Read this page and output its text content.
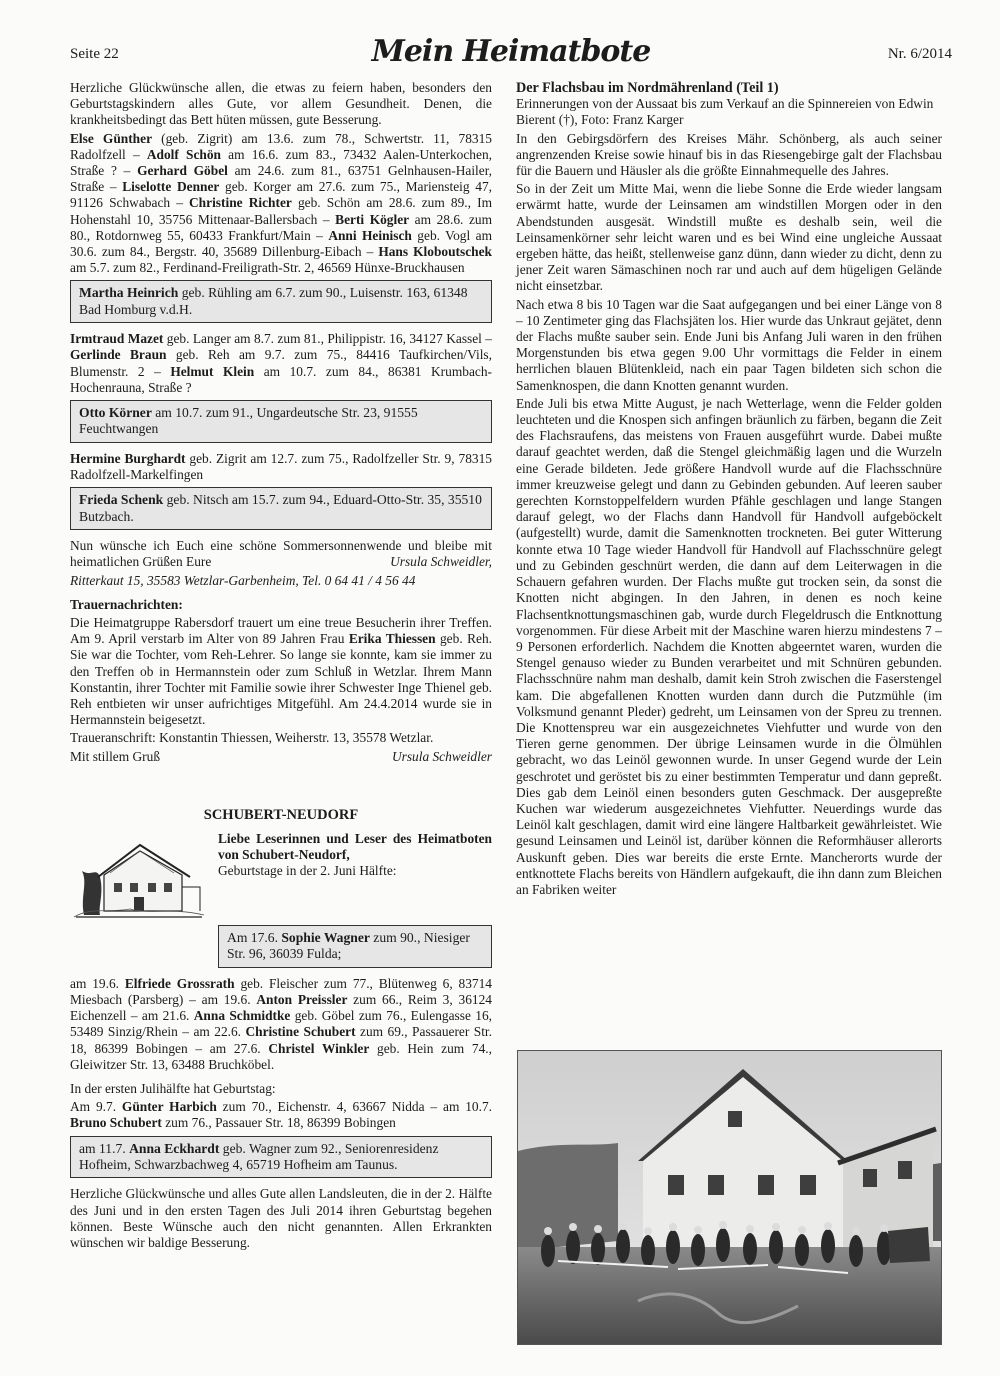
Seite 22	Mein Heimatbote	Nr. 6/2014

Herzliche Glückwünsche allen, die etwas zu feiern haben, besonders den Geburtstagskindern alles Gute, vor allem Gesundheit. Denen, die krankheitsbedingt das Bett hüten müssen, gute Besserung.

Else Günther (geb. Zigrit) am 13.6. zum 78., Schwertstr. 11, 78315 Radolfzell – Adolf Schön am 16.6. zum 83., 73432 Aalen-Unterkochen, Straße ? – Gerhard Göbel am 24.6. zum 81., 63751 Gelnhausen-Hailer, Straße – Liselotte Denner geb. Korger am 27.6. zum 75., Mariensteig 47, 91126 Schwabach – Christine Richter geb. Schön am 28.6. zum 89., Im Hohenstahl 10, 35756 Mittenaar-Ballersbach – Berti Kögler am 28.6. zum 80., Rotdornweg 55, 60433 Frankfurt/Main – Anni Heinisch geb. Vogl am 30.6. zum 84., Bergstr. 40, 35689 Dillenburg-Eibach – Hans Kloboutschek am 5.7. zum 82., Ferdinand-Freiligrath-Str. 2, 46569 Hünxe-Bruckhausen

Martha Heinrich geb. Rühling am 6.7. zum 90., Luisenstr. 163, 61348 Bad Homburg v.d.H.

Irmtraud Mazet geb. Langer am 8.7. zum 81., Philippistr. 16, 34127 Kassel – Gerlinde Braun geb. Reh am 9.7. zum 75., 84416 Taufkirchen/Vils, Blumenstr. 2 – Helmut Klein am 10.7. zum 84., 86381 Krumbach-Hochenrauna, Straße ?

Otto Körner am 10.7. zum 91., Ungardeutsche Str. 23, 91555 Feuchtwangen

Hermine Burghardt geb. Zigrit am 12.7. zum 75., Radolfzeller Str. 9, 78315 Radolfzell-Markelfingen

Frieda Schenk geb. Nitsch am 15.7. zum 94., Eduard-Otto-Str. 35, 35510 Butzbach.

Nun wünsche ich Euch eine schöne Sommersonnenwende und bleibe mit heimatlichen Grüßen Eure	Ursula Schweidler,

Ritterkaut 15, 35583 Wetzlar-Garbenheim, Tel. 0 64 41 / 4 56 44

Trauernachrichten:

Die Heimatgruppe Rabersdorf trauert um eine treue Besucherin ihrer Treffen. Am 9. April verstarb im Alter von 89 Jahren Frau Erika Thiessen geb. Reh. Sie war die Tochter, vom Reh-Lehrer. So lange sie konnte, kam sie immer zu den Treffen ob in Hermannstein oder zum Schluß in Wetzlar. Ihrem Mann Konstantin, ihrer Tochter mit Familie sowie ihrer Schwester Inge Thienel geb. Reh entbieten wir unser aufrichtiges Mitgefühl. Am 24.4.2014 wurde sie in Hermannstein beigesetzt.

Traueranschrift: Konstantin Thiessen, Weiherstr. 13, 35578 Wetzlar.

Mit stillem Gruß	Ursula Schweidler

SCHUBERT-NEUDORF
Liebe Leserinnen und Leser des Heimatboten von Schubert-Neudorf,
Geburtstage in der 2. Juni Hälfte:
Am 17.6. Sophie Wagner zum 90., Niesiger Str. 96, 36039 Fulda;

am 19.6. Elfriede Grossrath geb. Fleischer zum 77., Blütenweg 6, 83714 Miesbach (Parsberg) – am 19.6. Anton Preissler zum 66., Reim 3, 36124 Eichenzell – am 21.6. Anna Schmidtke geb. Göbel zum 76., Eulengasse 16, 53489 Sinzig/Rhein – am 22.6. Christine Schubert zum 69., Passauerer Str. 18, 86399 Bobingen – am 27.6. Christel Winkler geb. Hein zum 74., Gleiwitzer Str. 13, 63488 Bruchköbel.

In der ersten Julihälfte hat Geburtstag:

Am 9.7. Günter Harbich zum 70., Eichenstr. 4, 63667 Nidda – am 10.7. Bruno Schubert zum 76., Passauer Str. 18, 86399 Bobingen

am 11.7. Anna Eckhardt geb. Wagner zum 92., Seniorenresidenz Hofheim, Schwarzbachweg 4, 65719 Hofheim am Taunus.

Herzliche Glückwünsche und alles Gute allen Landsleuten, die in der 2. Hälfte des Juni und in den ersten Tagen des Juli 2014 ihren Geburtstag begehen können. Beste Wünsche auch den nicht genannten. Allen Erkrankten wünschen wir baldige Besserung.

Der Flachsbau im Nordmährenland (Teil 1)

Erinnerungen von der Aussaat bis zum Verkauf an die Spinnereien von Edwin Bierent (†), Foto: Franz Karger

In den Gebirgsdörfern des Kreises Mähr. Schönberg, als auch seiner angrenzenden Kreise sowie hinauf bis in das Riesengebirge galt der Flachsbau für die Bauern und Häusler als die größte Einnahmequelle des Jahres.

So in der Zeit um Mitte Mai, wenn die liebe Sonne die Erde wieder langsam erwärmt hatte, wurde der Leinsamen am windstillen Morgen oder in den Abendstunden ausgesät. Windstill mußte es deshalb sein, weil die Leinsamenkörner sehr leicht waren und es bei Wind eine ungleiche Aussaat ergeben hätte, das heißt, stellenweise ganz dünn, dann wieder zu dicht, denn zu jener Zeit waren Sämaschinen noch rar und auch auf dem hügeligen Gelände nicht einsetzbar.

Nach etwa 8 bis 10 Tagen war die Saat aufgegangen und bei einer Länge von 8 – 10 Zentimeter ging das Flachsjäten los. Hier wurde das Unkraut gejätet, denn der Flachs mußte sauber sein. Ende Juni bis Anfang Juli waren in den frühen Morgenstunden bis etwa gegen 9.00 Uhr vormittags die Felder in einem herrlichen blauen Blütenkleid, nach ein paar Tagen bildeten sich schon die Samenknospen, die dann Knotten genannt wurden.

Ende Juli bis etwa Mitte August, je nach Wetterlage, wenn die Felder golden leuchteten und die Knospen sich anfingen bräunlich zu färben, begann die Zeit des Flachsraufens, das meistens von Frauen ausgeführt wurde. Dabei mußte darauf geachtet werden, daß die Stengel gleichmäßig lagen und die Wurzeln eine Gerade bildeten. Jede größere Handvoll wurde auf die Flachsschnüre immer kreuzweise gelegt und dann zu Gebinden gebunden. Auf leeren sauber gerechten Kornstoppelfeldern wurden Pfähle geschlagen und lange Stangen darauf gelegt, wo der Flachs dann Handvoll für Handvoll aufgeböckelt (aufgestellt) wurde, damit die Samenknotten trockneten. Bei guter Witterung konnte etwa 10 Tage wieder Handvoll für Handvoll auf Flachsschnüre gelegt und zu Gebinden geschnürt werden, die dann auf dem Leiterwagen in die Schauern gefahren wurden. Der Flachs mußte gut trocken sein, da sonst die Knotten nicht abgingen. In den Jahren, in denen es noch keine Flachsentknottungsmaschinen gab, wurde durch Flegeldrusch die Entknottung vorgenommen. Für diese Arbeit mit der Maschine waren hierzu mindestens 7 – 9 Personen erforderlich. Nachdem die Knotten abgeerntet waren, wurden die Stengel genauso wieder zu Bunden verarbeitet und mit Schnüren gebunden. Flachsschnüre nahm man deshalb, damit kein Stroh zwischen die Faserstengel kam. Die abgefallenen Knotten wurden dann durch die Putzmühle (im Volksmund genannt Pleder) gedreht, um Leinsamen von der Spreu zu trennen. Die Knottenspreu war ein ausgezeichnetes Viehfutter und wurde von den Tieren gerne genommen. Der übrige Leinsamen wurde in die Ölmühlen gebracht, wo das Leinöl gewonnen wurde. In unser Gegend wurde der Lein geschrotet und geröstet bis zu einer bestimmten Temperatur und dann gepreßt. Dies gab dem Leinöl einen besonders guten Geschmack. Der ausgepreßte Kuchen war wiederum ausgezeichnetes Viehfutter. Neuerdings wurde das Leinöl kalt geschlagen, damit wird eine längere Haltbarkeit gewährleistet. Wie gesund Leinsamen und Leinöl ist, darüber können die Reformhäuser allerorts Auskunft geben. Dies war bereits die erste Ernte. Mancherorts wurde der entknottete Flachs bereits von Händlern aufgekauft, die ihn dann zum Bleichen an Fabriken weiter
